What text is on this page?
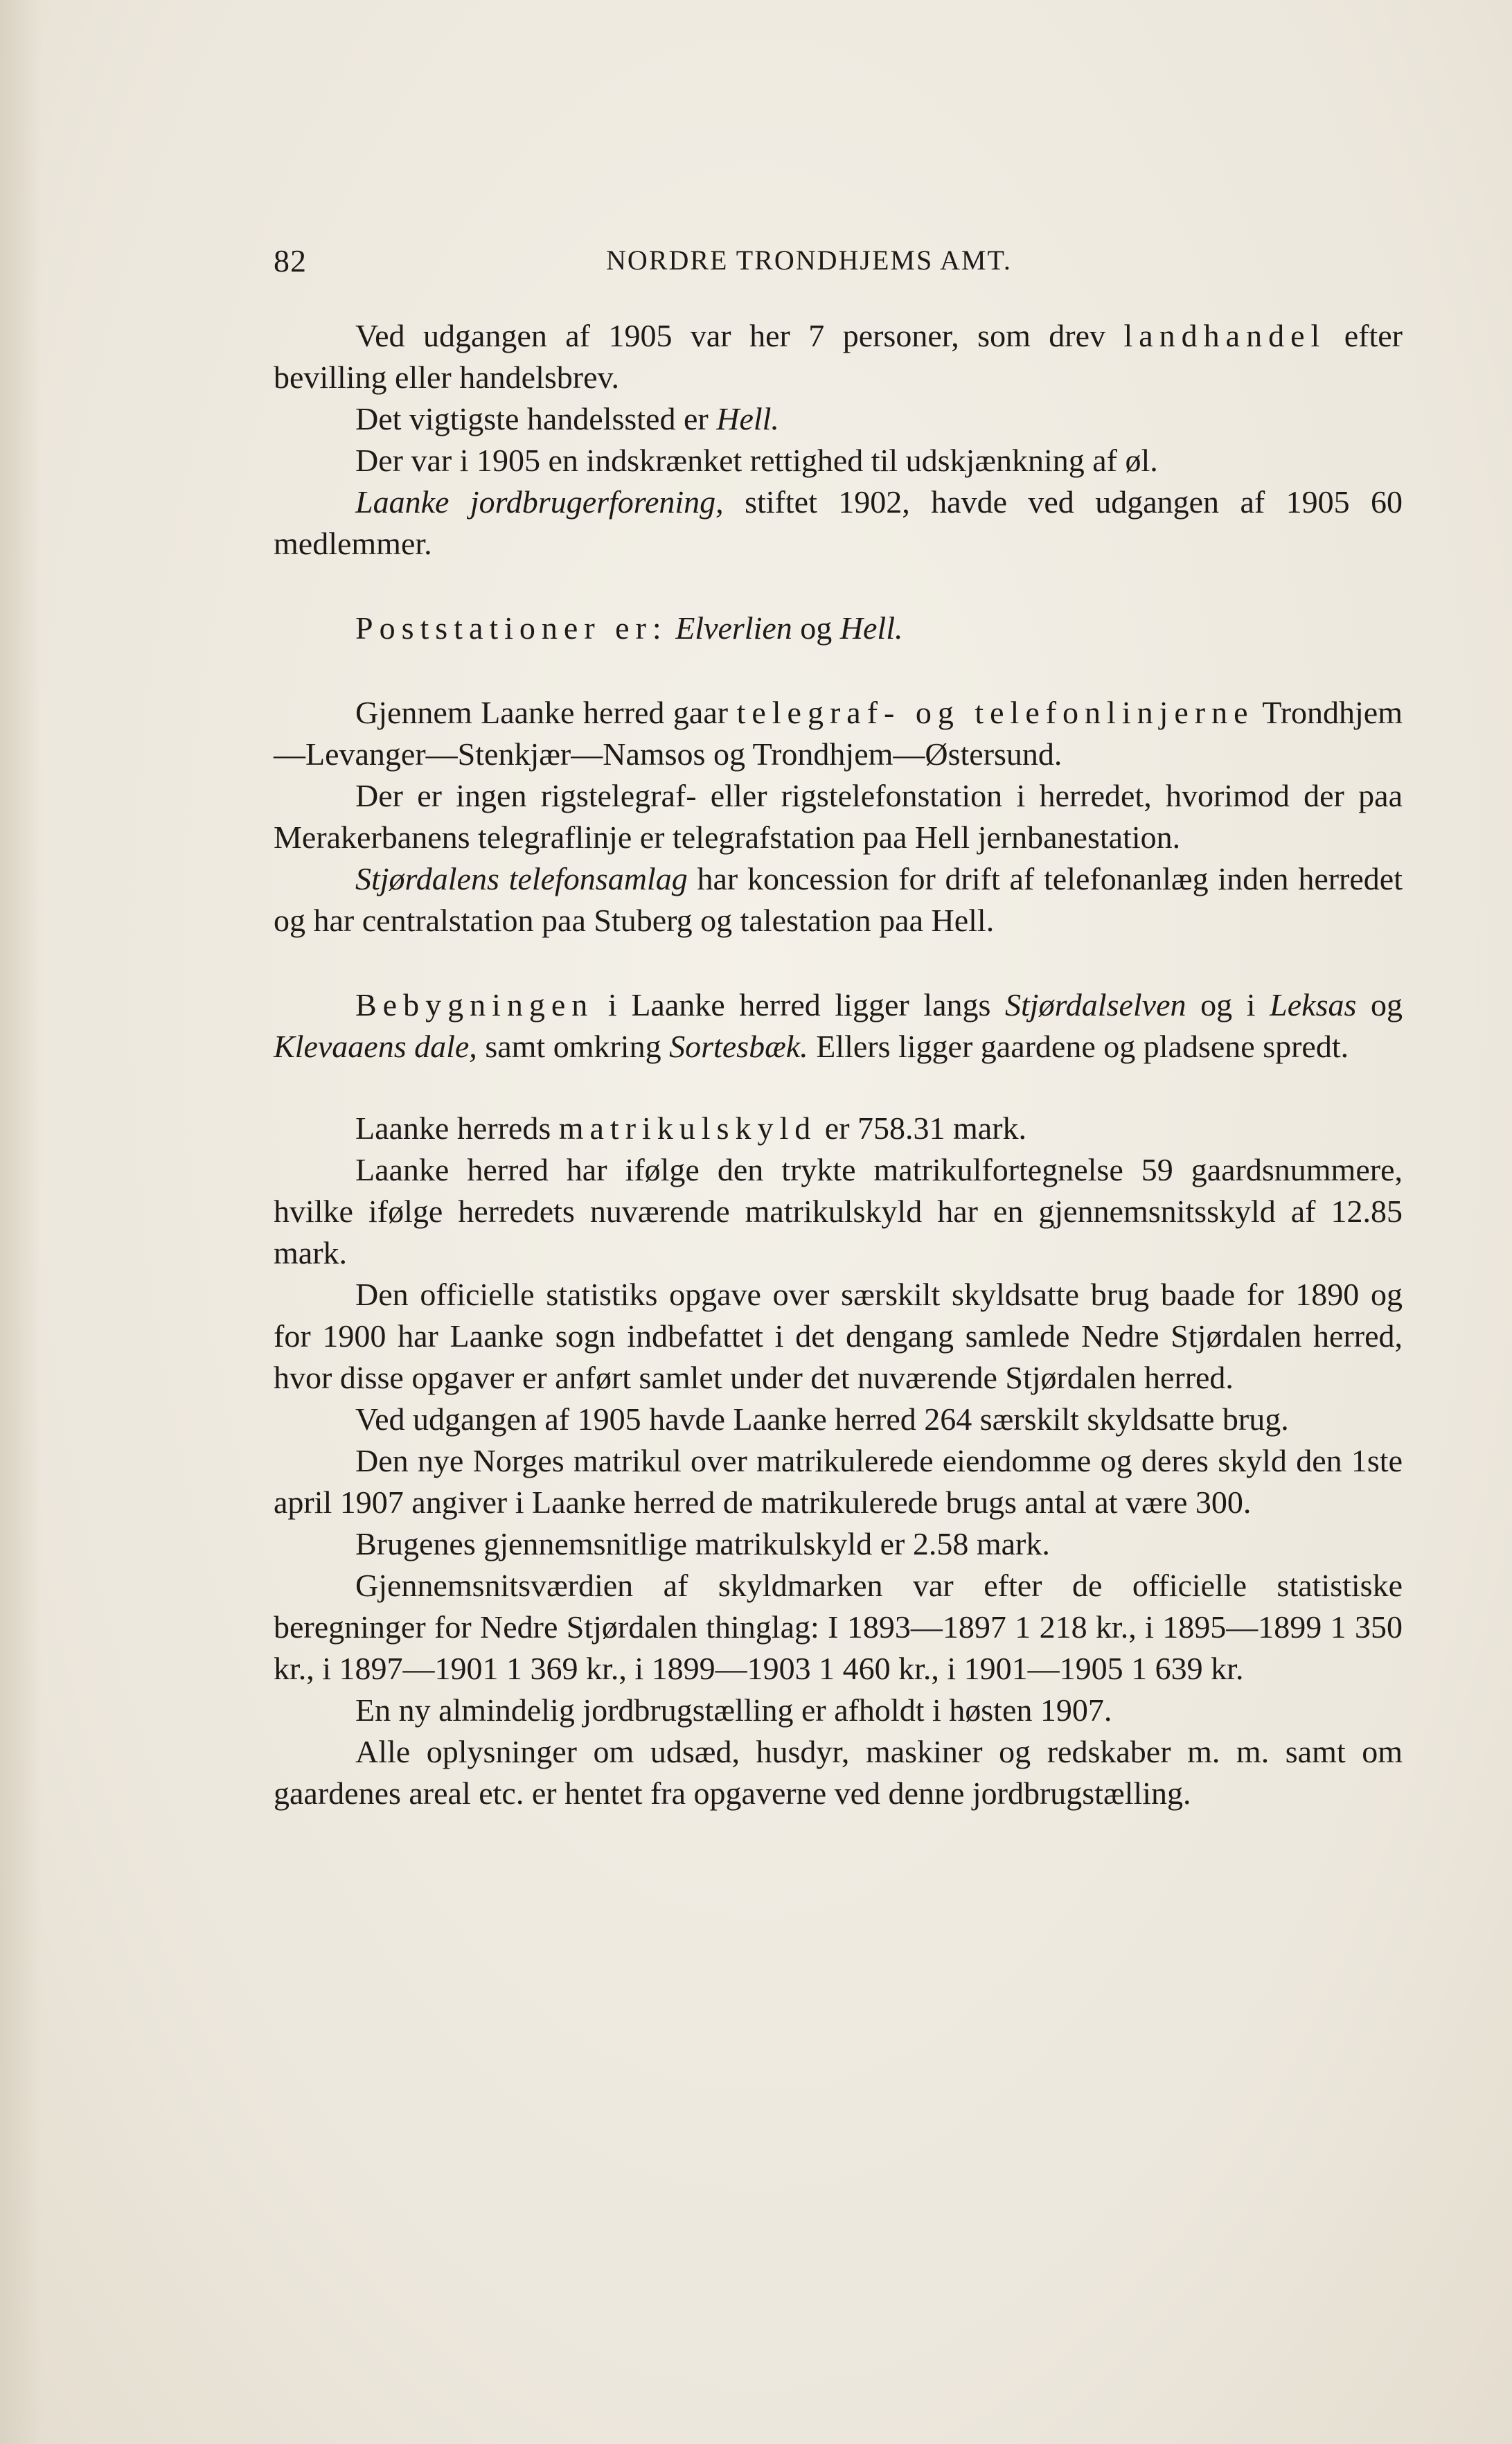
82	NORDRE TRONDHJEMS AMT.

Ved udgangen af 1905 var her 7 personer, som drev landhandel efter bevilling eller handelsbrev.

Det vigtigste handelssted er Hell.

Der var i 1905 en indskrænket rettighed til udskjænkning af øl.

Laanke jordbrugerforening, stiftet 1902, havde ved udgangen af 1905 60 medlemmer.

Poststationer er: Elverlien og Hell.

Gjennem Laanke herred gaar telegraf- og telefonlinjerne Trondhjem—Levanger—Stenkjær—Namsos og Trondhjem—Østersund.

Der er ingen rigstelegraf- eller rigstelefonstation i herredet, hvorimod der paa Merakerbanens telegraflinje er telegrafstation paa Hell jernbanestation.

Stjørdalens telefonsamlag har koncession for drift af telefonanlæg inden herredet og har centralstation paa Stuberg og talestation paa Hell.

Bebygningen i Laanke herred ligger langs Stjørdalselven og i Leksas og Klevaaens dale, samt omkring Sortesbæk. Ellers ligger gaardene og pladsene spredt.

Laanke herreds matrikulskyld er 758.31 mark.

Laanke herred har ifølge den trykte matrikulfortegnelse 59 gaardsnummere, hvilke ifølge herredets nuværende matrikulskyld har en gjennemsnitsskyld af 12.85 mark.

Den officielle statistiks opgave over særskilt skyldsatte brug baade for 1890 og for 1900 har Laanke sogn indbefattet i det dengang samlede Nedre Stjørdalen herred, hvor disse opgaver er anført samlet under det nuværende Stjørdalen herred.

Ved udgangen af 1905 havde Laanke herred 264 særskilt skyldsatte brug.

Den nye Norges matrikul over matrikulerede eiendomme og deres skyld den 1ste april 1907 angiver i Laanke herred de matrikulerede brugs antal at være 300.

Brugenes gjennemsnitlige matrikulskyld er 2.58 mark.

Gjennemsnitsværdien af skyldmarken var efter de officielle statistiske beregninger for Nedre Stjørdalen thinglag: I 1893—1897 1 218 kr., i 1895—1899 1 350 kr., i 1897—1901 1 369 kr., i 1899—1903 1 460 kr., i 1901—1905 1 639 kr.

En ny almindelig jordbrugstælling er afholdt i høsten 1907.

Alle oplysninger om udsæd, husdyr, maskiner og redskaber m. m. samt om gaardenes areal etc. er hentet fra opgaverne ved denne jordbrugstælling.
